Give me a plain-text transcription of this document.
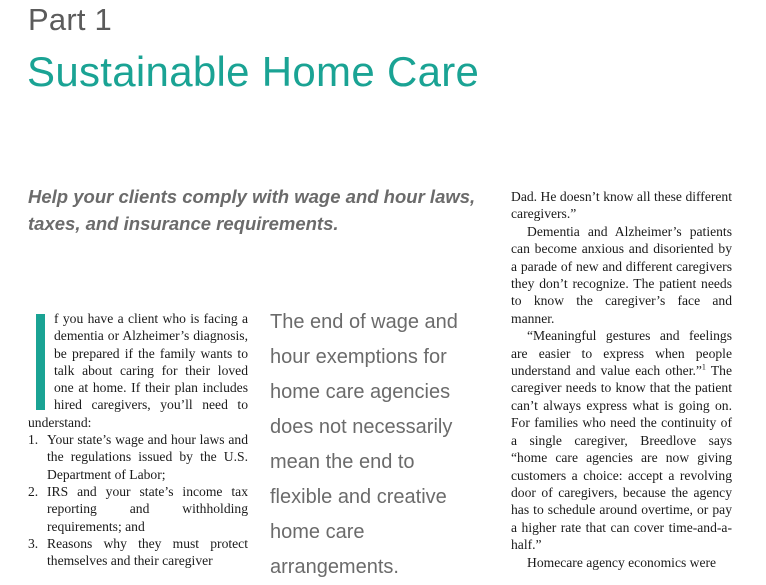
Part 1
Sustainable Home Care

Help your clients comply with wage and hour laws, taxes, and insurance requirements.

f you have a client who is facing a dementia or Alzheimer’s diagnosis, be prepared if the family wants to talk about caring for their loved one at home. If their plan includes hired caregivers, you’ll need to understand:

1. Your state’s wage and hour laws and the regulations issued by the U.S. Department of Labor;
2. IRS and your state’s income tax reporting and withholding requirements; and
3. Reasons why they must protect themselves and their caregiver
The end of wage and hour exemptions for home care agencies does not necessarily mean the end to flexible and creative home care arrangements.

Dad. He doesn’t know all these different caregivers.”

Dementia and Alzheimer’s patients can become anxious and disoriented by a parade of new and different caregivers they don’t recognize. The patient needs to know the caregiver’s face and manner.

“Meaningful gestures and feelings are easier to express when people understand and value each other.”$^1$ The caregiver needs to know that the patient can’t always express what is going on. For families who need the continuity of a single caregiver, Breedlove says “home care agencies are now giving customers a choice: accept a revolving door of caregivers, because the agency has to schedule around overtime, or pay a higher rate that can cover time-and-a-half.”

Homecare agency economics were
